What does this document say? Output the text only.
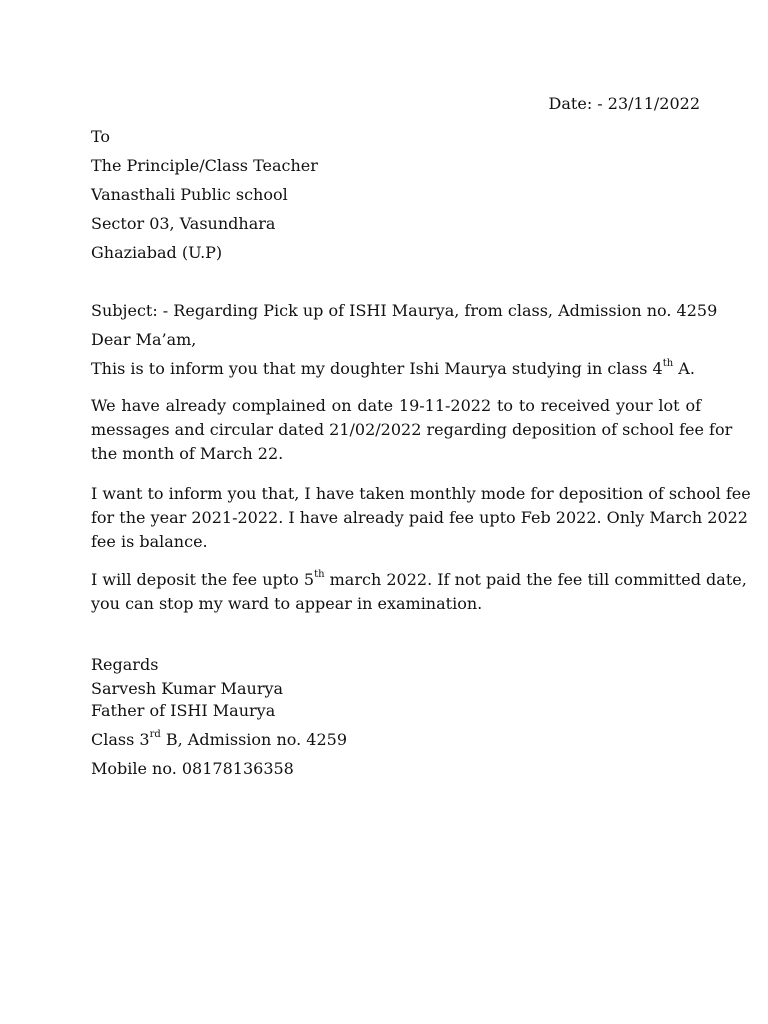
Date: - 23/11/2022
To
The Principle/Class Teacher
Vanasthali Public school
Sector 03, Vasundhara
Ghaziabad (U.P)
Subject: - Regarding Pick up of ISHI Maurya, from class, Admission no. 4259
Dear Ma’am,
This is to inform you that my doughter Ishi Maurya studying in class 4th A.
We have already complained on date 19-11-2022 to to received your lot of
messages and circular dated 21/02/2022 regarding deposition of school fee for
the month of March 22.
I want to inform you that, I have taken monthly mode for deposition of school fee
for the year 2021-2022. I have already paid fee upto Feb 2022. Only March 2022
fee is balance.
I will deposit the fee upto 5th march 2022. If not paid the fee till committed date,
you can stop my ward to appear in examination.
Regards
Sarvesh Kumar Maurya
Father of ISHI Maurya
Class 3rd B, Admission no. 4259
Mobile no. 08178136358
